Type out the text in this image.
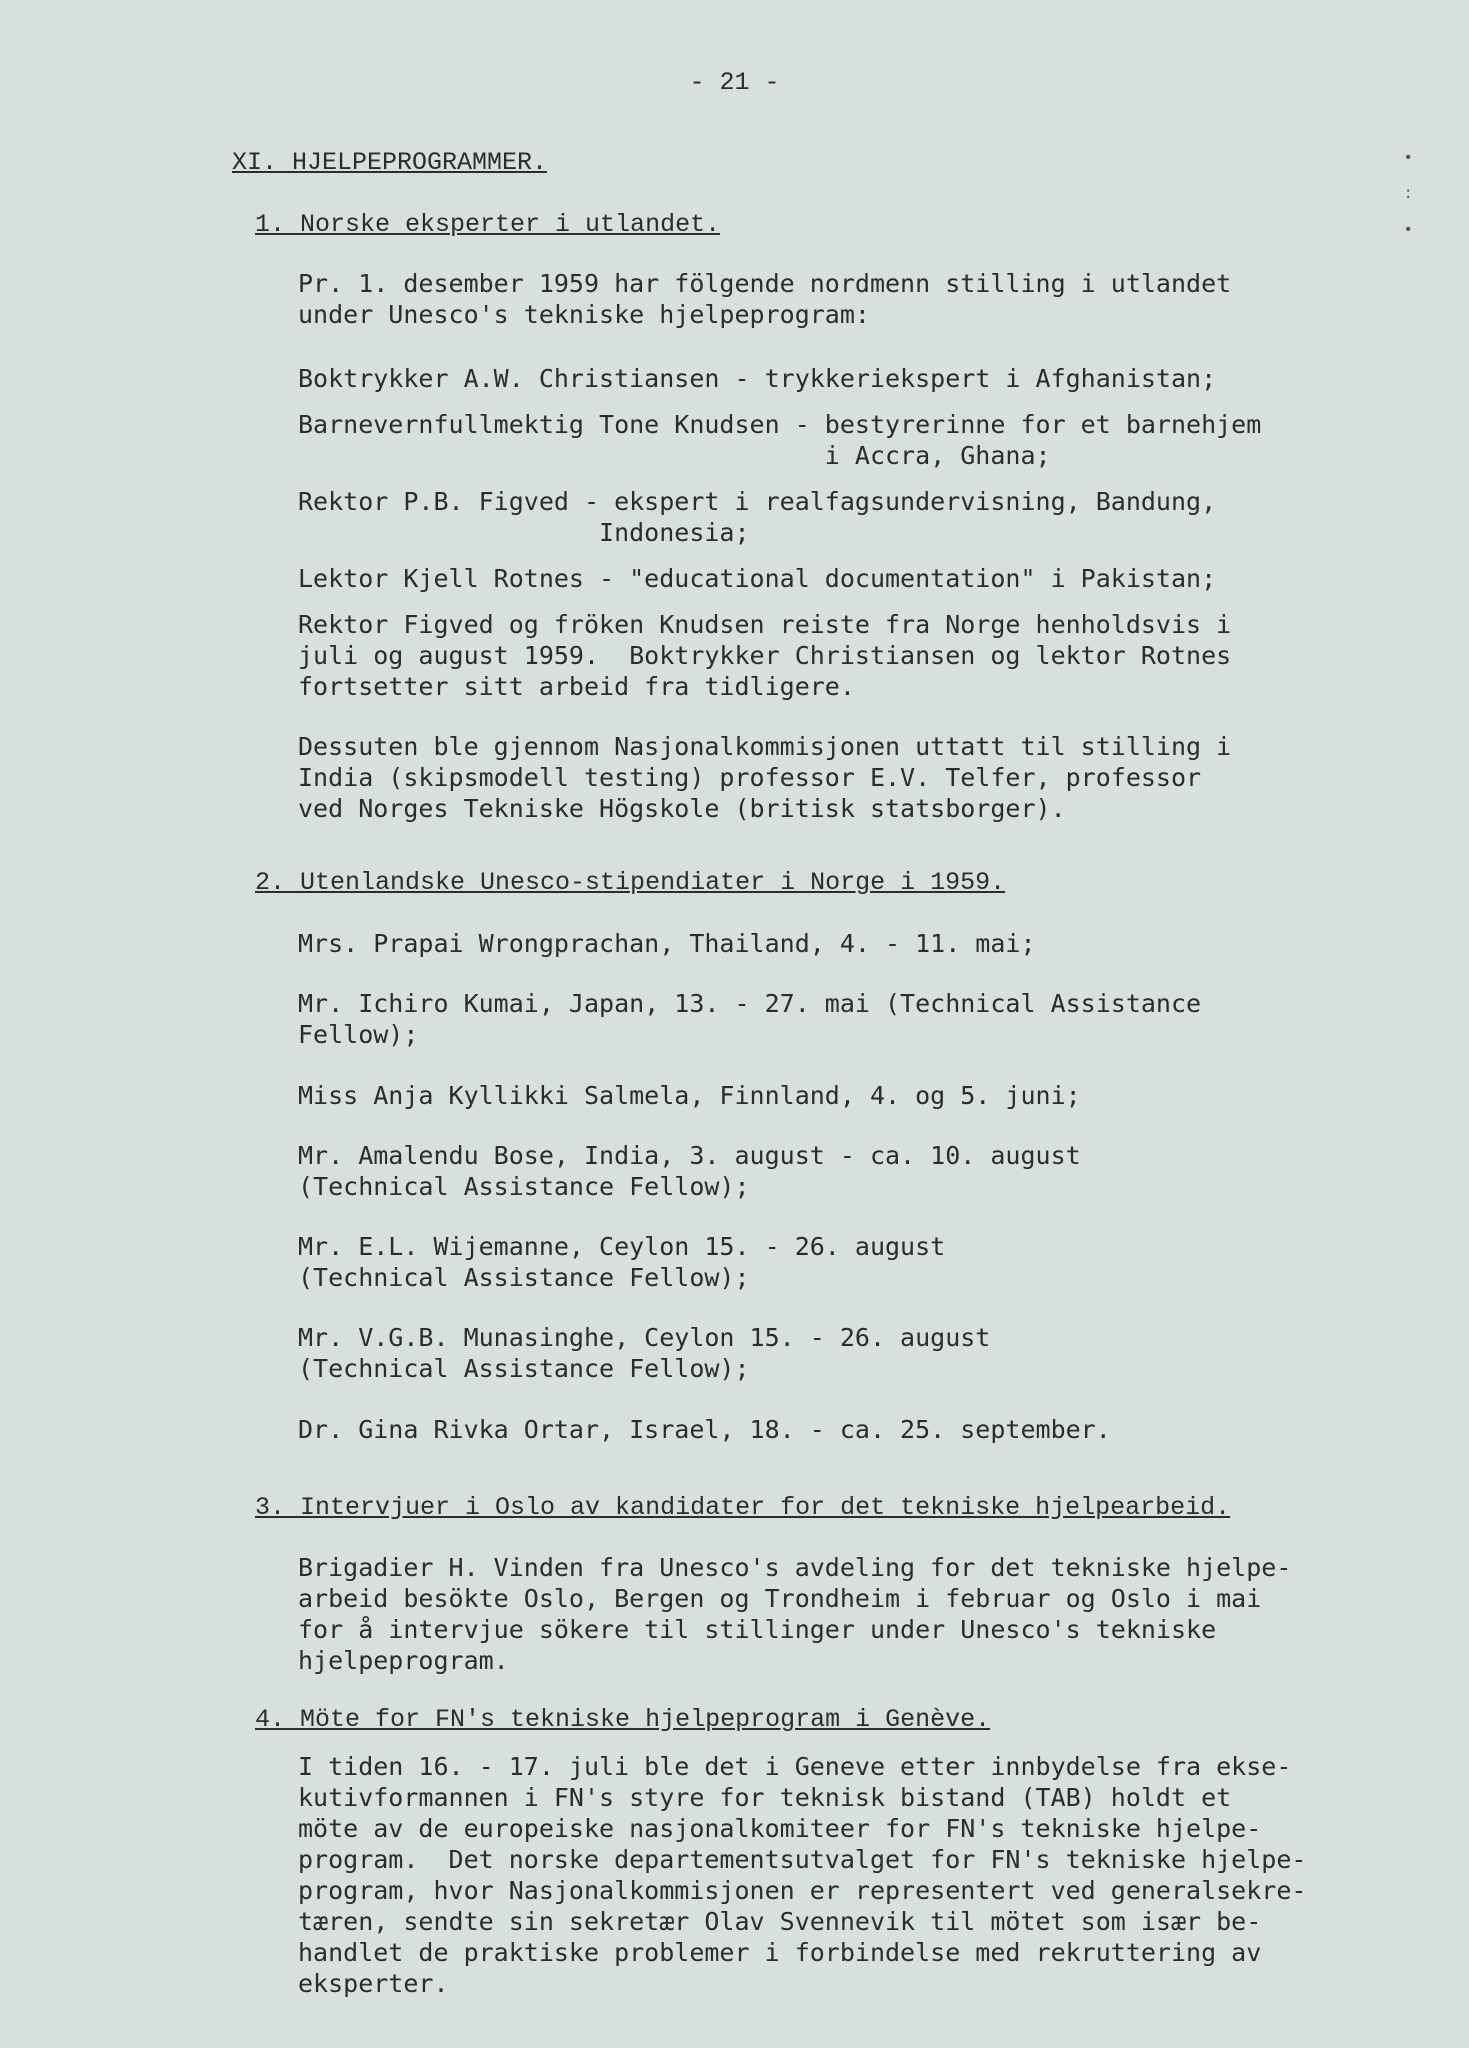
- 21 -
•
:
•
XI. HJELPEPROGRAMMER.
1. Norske eksperter i utlandet.
Pr. 1. desember 1959 har fölgende nordmenn stilling i utlandet
under Unesco's tekniske hjelpeprogram:
Boktrykker A.W. Christiansen - trykkeriekspert i Afghanistan;
Barnevernfullmektig Tone Knudsen - bestyrerinne for et barnehjem
i Accra, Ghana;
Rektor P.B. Figved - ekspert i realfagsundervisning, Bandung,
Indonesia;
Lektor Kjell Rotnes - "educational documentation" i Pakistan;
Rektor Figved og fröken Knudsen reiste fra Norge henholdsvis i
juli og august 1959.  Boktrykker Christiansen og lektor Rotnes
fortsetter sitt arbeid fra tidligere.
Dessuten ble gjennom Nasjonalkommisjonen uttatt til stilling i
India (skipsmodell testing) professor E.V. Telfer, professor
ved Norges Tekniske Högskole (britisk statsborger).
2. Utenlandske Unesco-stipendiater i Norge i 1959.
Mrs. Prapai Wrongprachan, Thailand, 4. - 11. mai;
Mr. Ichiro Kumai, Japan, 13. - 27. mai (Technical Assistance
Fellow);
Miss Anja Kyllikki Salmela, Finnland, 4. og 5. juni;
Mr. Amalendu Bose, India, 3. august - ca. 10. august
(Technical Assistance Fellow);
Mr. E.L. Wijemanne, Ceylon 15. - 26. august
(Technical Assistance Fellow);
Mr. V.G.B. Munasinghe, Ceylon 15. - 26. august
(Technical Assistance Fellow);
Dr. Gina Rivka Ortar, Israel, 18. - ca. 25. september.
3. Intervjuer i Oslo av kandidater for det tekniske hjelpearbeid.
Brigadier H. Vinden fra Unesco's avdeling for det tekniske hjelpe-
arbeid besökte Oslo, Bergen og Trondheim i februar og Oslo i mai
for å intervjue sökere til stillinger under Unesco's tekniske
hjelpeprogram.
4. Möte for FN's tekniske hjelpeprogram i Genève.
I tiden 16. - 17. juli ble det i Geneve etter innbydelse fra ekse-
kutivformannen i FN's styre for teknisk bistand (TAB) holdt et
möte av de europeiske nasjonalkomiteer for FN's tekniske hjelpe-
program.  Det norske departementsutvalget for FN's tekniske hjelpe-
program, hvor Nasjonalkommisjonen er representert ved generalsekre-
tæren, sendte sin sekretær Olav Svennevik til mötet som især be-
handlet de praktiske problemer i forbindelse med rekruttering av
eksperter.
